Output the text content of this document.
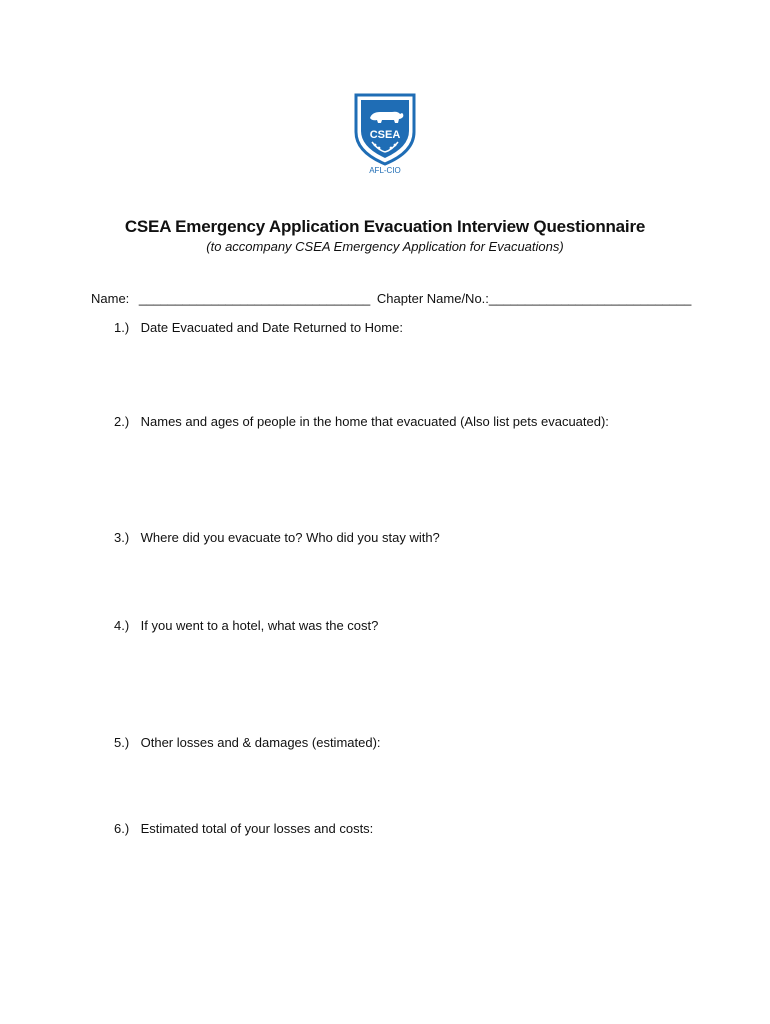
CSEA
AFL-CIO
CSEA Emergency Application Evacuation Interview Questionnaire
(to accompany CSEA Emergency Application for Evacuations)
Name: ________________________________ Chapter Name/No.:____________________________
1.) Date Evacuated and Date Returned to Home:
2.) Names and ages of people in the home that evacuated (Also list pets evacuated):
3.) Where did you evacuate to? Who did you stay with?
4.) If you went to a hotel, what was the cost?
5.) Other losses and & damages (estimated):
6.) Estimated total of your losses and costs:
